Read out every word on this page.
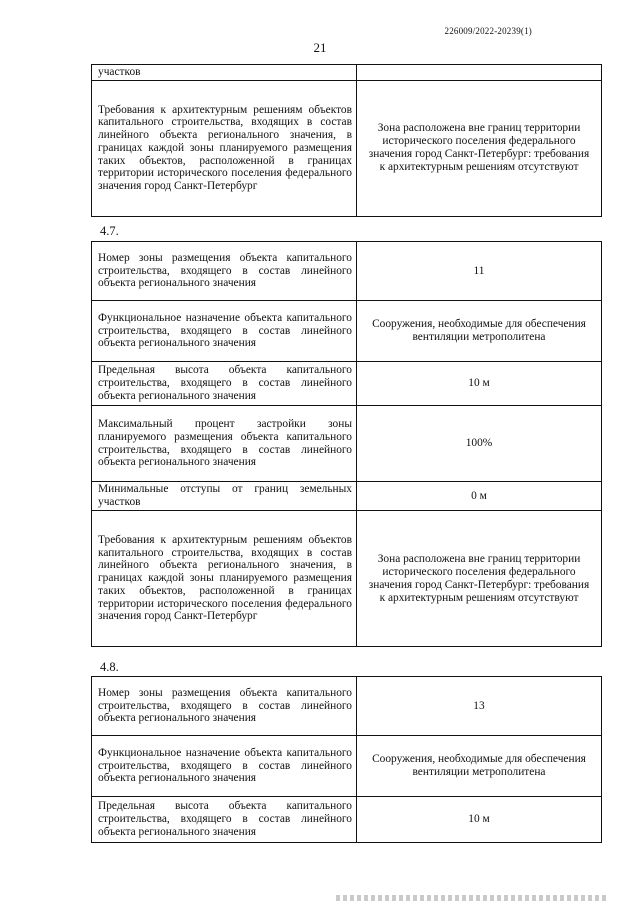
226009/2022-20239(1)
21
участков	
Требования к архитектурным решениям объектов капитального строительства, входящих в состав линейного объекта регионального значения, в границах каждой зоны планируемого размещения таких объектов, расположенной в границах территории исторического поселения федерального значения город Санкт-Петербург	Зона расположена вне границ территории исторического поселения федерального значения город Санкт-Петербург: требования к архитектурным решениям отсутствуют
4.7.
Номер зоны размещения объекта капитального строительства, входящего в состав линейного объекта регионального значения	11
Функциональное назначение объекта капитального строительства, входящего в состав линейного объекта регионального значения	Сооружения, необходимые для обеспечения вентиляции метрополитена
Предельная высота объекта капитального строительства, входящего в состав линейного объекта регионального значения	10 м
Максимальный процент застройки зоны планируемого размещения объекта капитального строительства, входящего в состав линейного объекта регионального значения	100%
Минимальные отступы от границ земельных участков	0 м
Требования к архитектурным решениям объектов капитального строительства, входящих в состав линейного объекта регионального значения, в границах каждой зоны планируемого размещения таких объектов, расположенной в границах территории исторического поселения федерального значения город Санкт-Петербург	Зона расположена вне границ территории исторического поселения федерального значения город Санкт-Петербург: требования к архитектурным решениям отсутствуют
4.8.
Номер зоны размещения объекта капитального строительства, входящего в состав линейного объекта регионального значения	13
Функциональное назначение объекта капитального строительства, входящего в состав линейного объекта регионального значения	Сооружения, необходимые для обеспечения вентиляции метрополитена
Предельная высота объекта капитального строительства, входящего в состав линейного объекта регионального значения	10 м
